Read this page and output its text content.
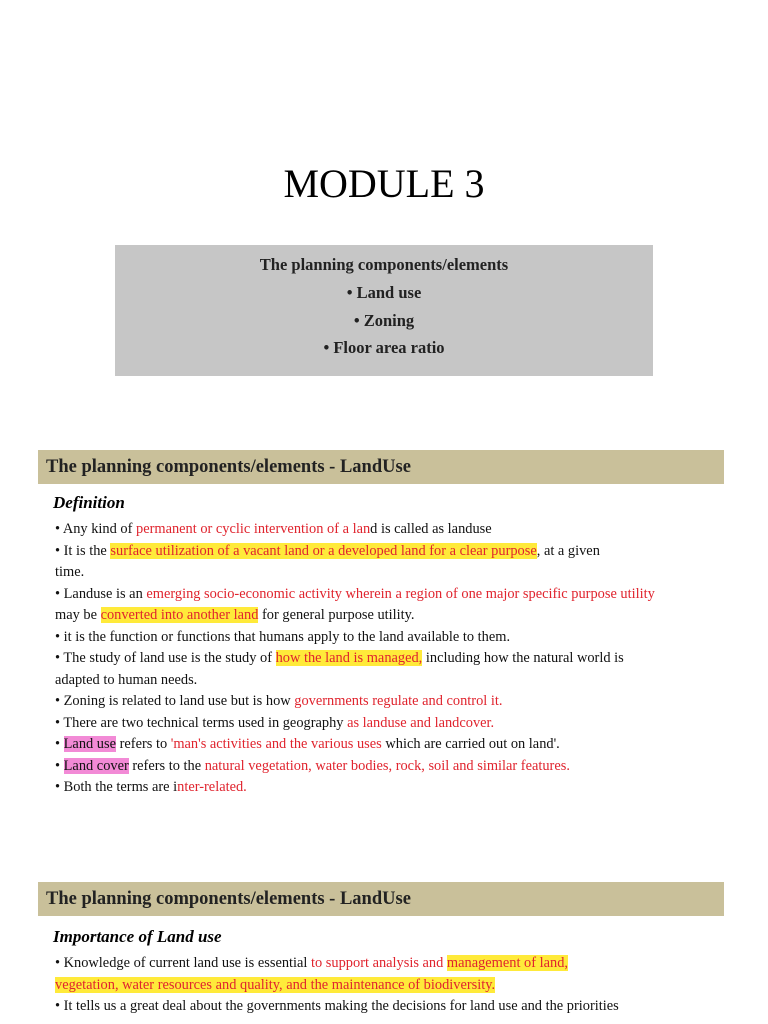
MODULE 3
The planning components/elements
• Land use
• Zoning
• Floor area ratio
The planning components/elements - LandUse
Definition

• Any kind of permanent or cyclic intervention of a land is called as landuse

• It is the surface utilization of a vacant land or a developed land for a clear purpose, at a given

time.

• Landuse is an emerging socio-economic activity wherein a region of one major specific purpose utility

may be converted into another land for general purpose utility.

• it is the function or functions that humans apply to the land available to them.

• The study of land use is the study of how the land is managed, including how the natural world is

adapted to human needs.

• Zoning is related to land use but is how governments regulate and control it.

• There are two technical terms used in geography as landuse and landcover.

• Land use refers to 'man's activities and the various uses which are carried out on land'.

• Land cover refers to the natural vegetation, water bodies, rock, soil and similar features.

• Both the terms are inter-related.

The planning components/elements - LandUse
Importance of Land use

• Knowledge of current land use is essential to support analysis and management of land,

vegetation, water resources and quality, and the maintenance of biodiversity.

• It tells us a great deal about the governments making the decisions for land use and the priorities
